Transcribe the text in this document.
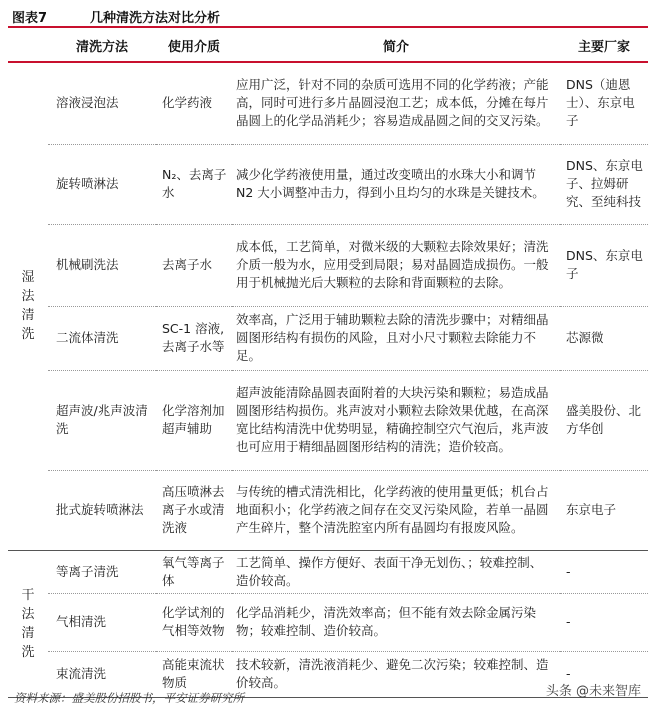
图表7	几种清洗方法对比分析
	清洗方法	使用介质	简介	主要厂家
湿法清洗	溶液浸泡法	化学药液	应用广泛，针对不同的杂质可选用不同的化学药液；产能高，同时可进行多片晶圆浸泡工艺；成本低，分摊在每片晶圆上的化学品消耗少；容易造成晶圆之间的交叉污染。	DNS（迪恩士）、东京电子
	旋转喷淋法	N₂、去离子水	减少化学药液使用量，通过改变喷出的水珠大小和调节 N2 大小调整冲击力，得到小且均匀的水珠是关键技术。	DNS、东京电子、拉姆研究、至纯科技
	机械刷洗法	去离子水	成本低，工艺简单，对微米级的大颗粒去除效果好；清洗介质一般为水，应用受到局限；易对晶圆造成损伤。一般用于机械抛光后大颗粒的去除和背面颗粒的去除。	DNS、东京电子
	二流体清洗	SC-1 溶液,去离子水等	效率高，广泛用于辅助颗粒去除的清洗步骤中；对精细晶圆图形结构有损伤的风险，且对小尺寸颗粒去除能力不足。	芯源微
	超声波/兆声波清洗	化学溶剂加超声辅助	超声波能清除晶圆表面附着的大块污染和颗粒；易造成晶圆图形结构损伤。兆声波对小颗粒去除效果优越，在高深宽比结构清洗中优势明显，精确控制空穴气泡后，兆声波也可应用于精细晶圆图形结构的清洗；造价较高。	盛美股份、北方华创
	批式旋转喷淋法	高压喷淋去离子水或清洗液	与传统的槽式清洗相比，化学药液的使用量更低；机台占地面积小；化学药液之间存在交叉污染风险，若单一晶圆产生碎片，整个清洗腔室内所有晶圆均有报废风险。	东京电子
干法清洗	等离子清洗	氧气等离子体	工艺简单、操作方便好、表面干净无划伤、；较难控制、造价较高。	-
	气相清洗	化学试剂的气相等效物	化学品消耗少，清洗效率高；但不能有效去除金属污染物；较难控制、造价较高。	-
	束流清洗	高能束流状物质	技术较新，清洗液消耗少、避免二次污染；较难控制、造价较高。	-
资料来源：盛美股份招股书，平安证券研究所	头条 @未来智库
